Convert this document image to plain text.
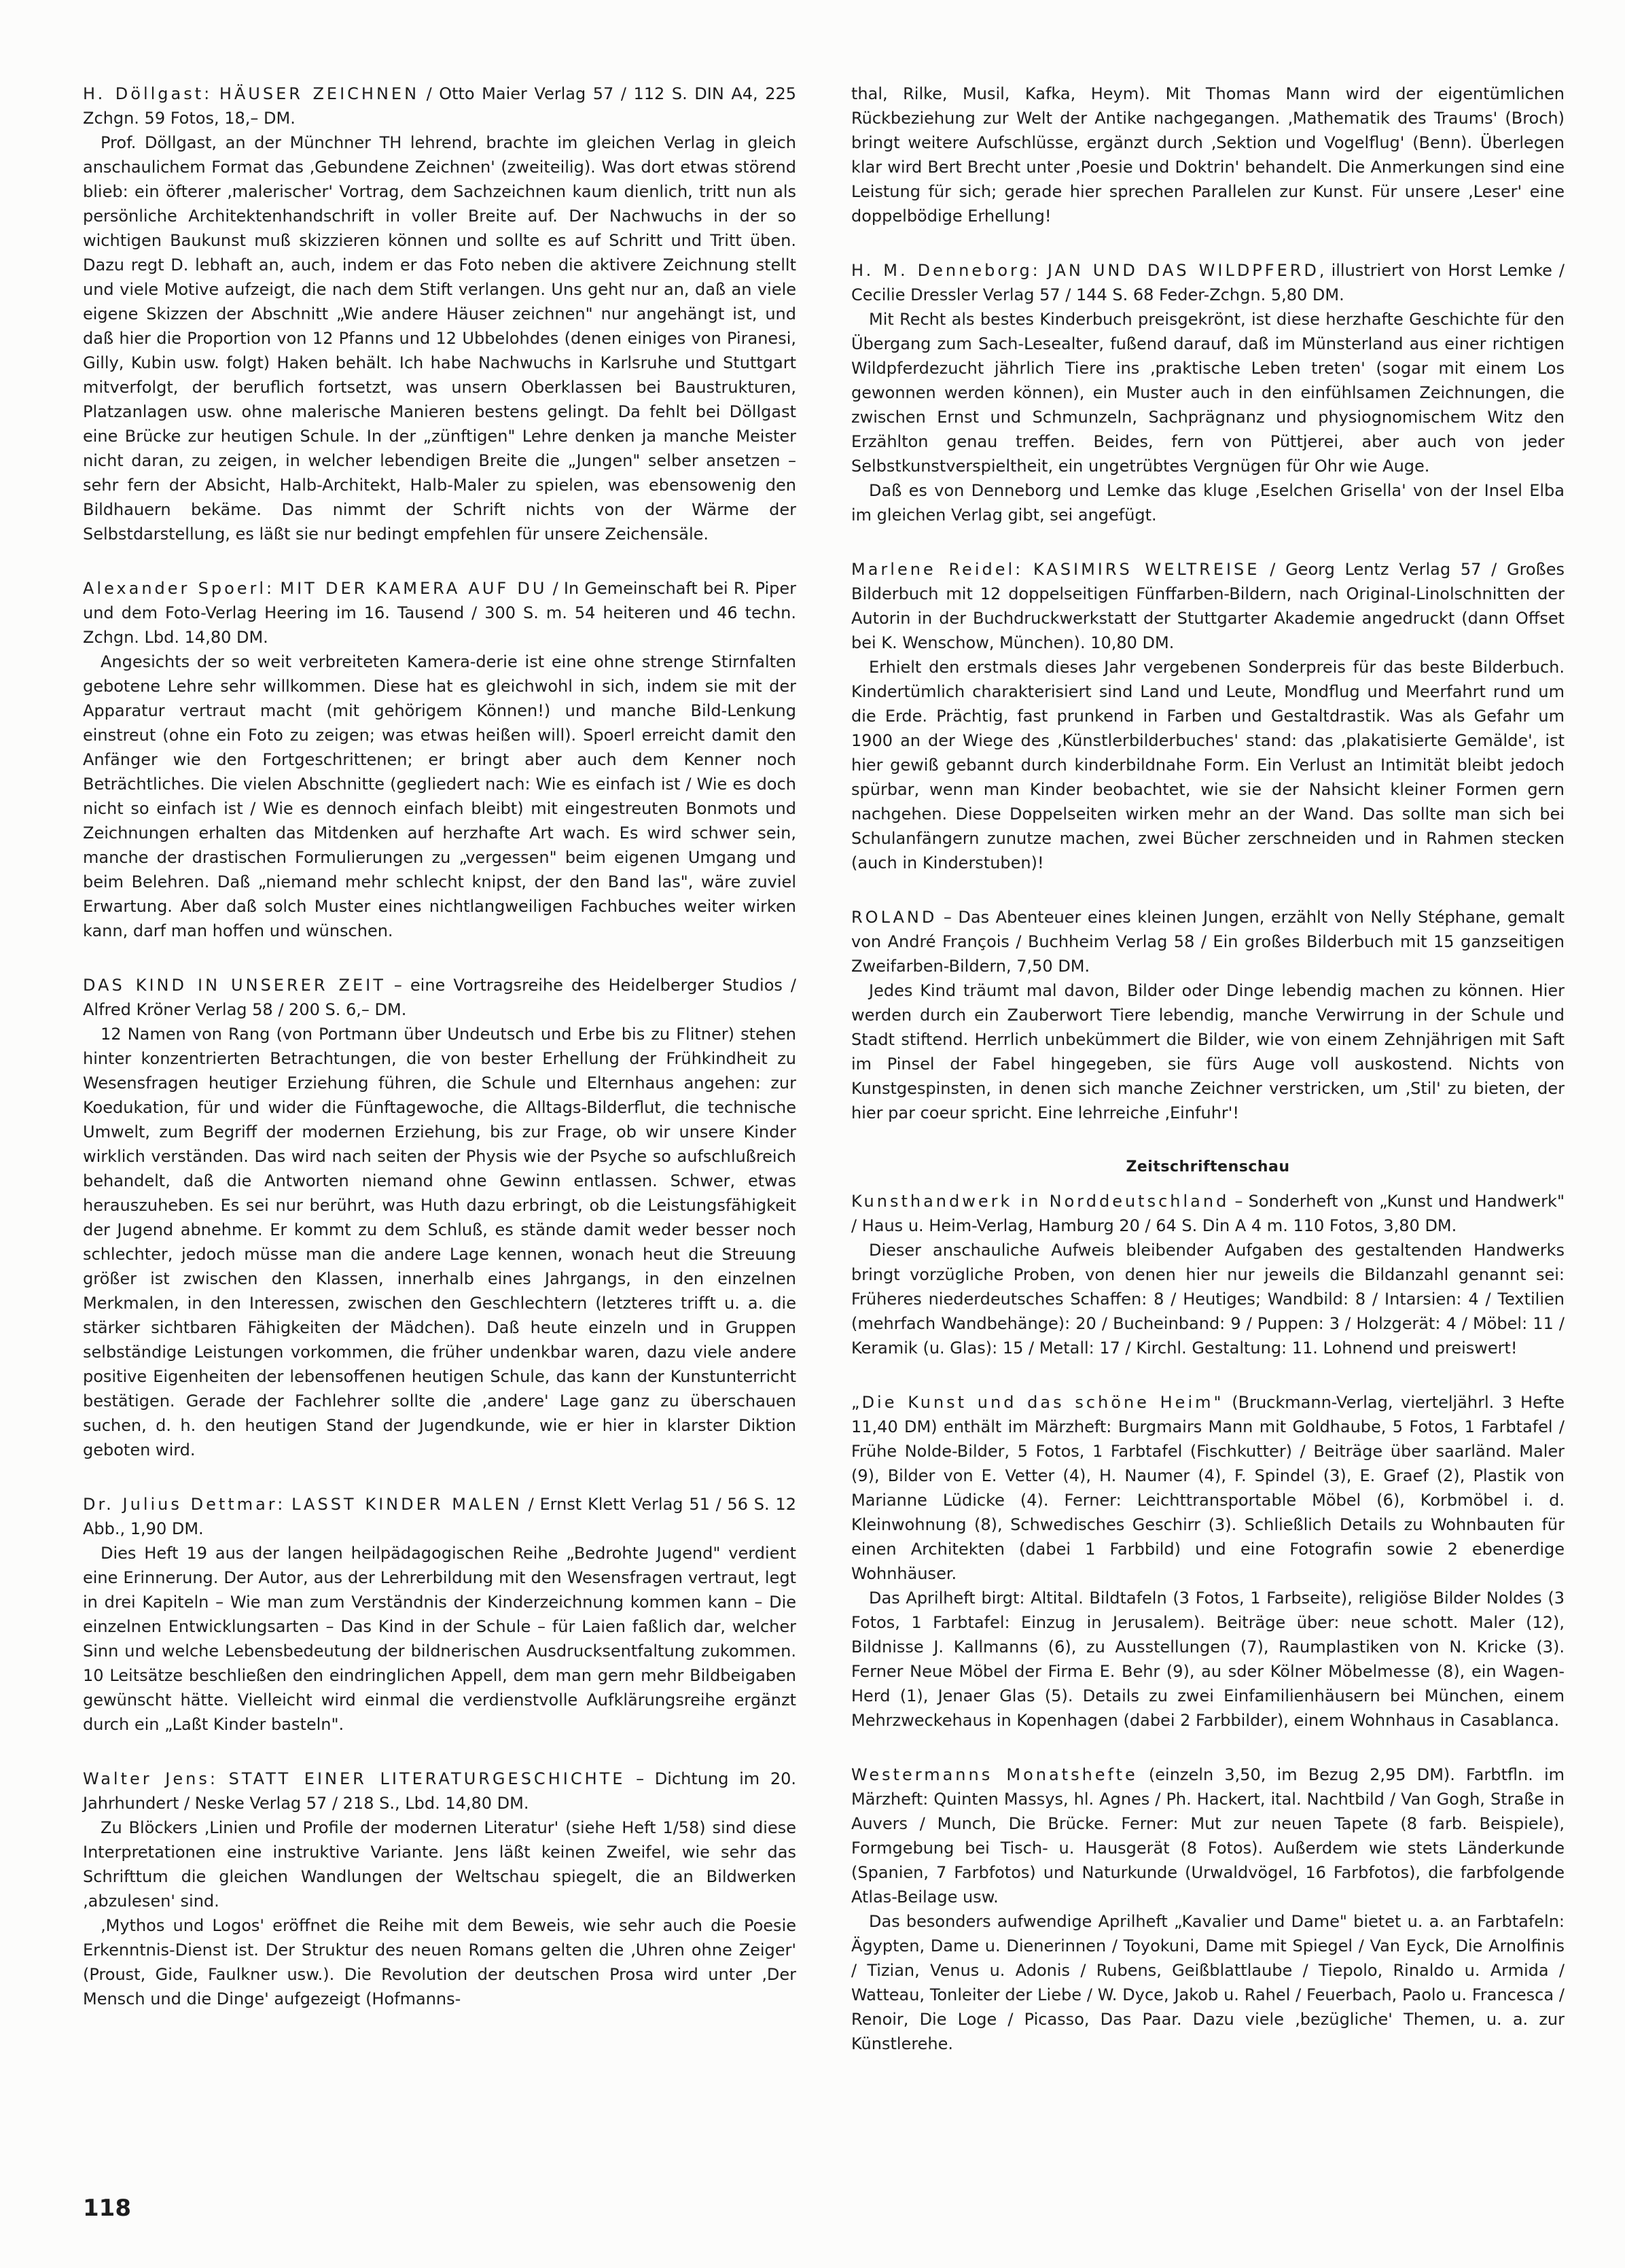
H. Döllgast: HÄUSER ZEICHNEN / Otto Maier Verlag 57 / 112 S. DIN A4, 225 Zchgn. 59 Fotos, 18,– DM.

Prof. Döllgast, an der Münchner TH lehrend, brachte im gleichen Verlag in gleich anschaulichem Format das ‚Gebundene Zeichnen' (zweiteilig). Was dort etwas störend blieb: ein öfterer ‚malerischer' Vortrag, dem Sachzeichnen kaum dienlich, tritt nun als persönliche Architektenhandschrift in voller Breite auf. Der Nachwuchs in der so wichtigen Baukunst muß skizzieren können und sollte es auf Schritt und Tritt üben. Dazu regt D. lebhaft an, auch, indem er das Foto neben die aktivere Zeichnung stellt und viele Motive aufzeigt, die nach dem Stift verlangen. Uns geht nur an, daß an viele eigene Skizzen der Abschnitt „Wie andere Häuser zeichnen" nur angehängt ist, und daß hier die Proportion von 12 Pfanns und 12 Ubbelohdes (denen einiges von Piranesi, Gilly, Kubin usw. folgt) Haken behält. Ich habe Nachwuchs in Karlsruhe und Stuttgart mitverfolgt, der beruflich fortsetzt, was unsern Oberklassen bei Baustrukturen, Platzanlagen usw. ohne malerische Manieren bestens gelingt. Da fehlt bei Döllgast eine Brücke zur heutigen Schule. In der „zünftigen" Lehre denken ja manche Meister nicht daran, zu zeigen, in welcher lebendigen Breite die „Jungen" selber ansetzen – sehr fern der Absicht, Halb-Architekt, Halb-Maler zu spielen, was ebensowenig den Bildhauern bekäme. Das nimmt der Schrift nichts von der Wärme der Selbstdarstellung, es läßt sie nur bedingt empfehlen für unsere Zeichensäle.

Alexander Spoerl: MIT DER KAMERA AUF DU / In Gemeinschaft bei R. Piper und dem Foto-Verlag Heering im 16. Tausend / 300 S. m. 54 heiteren und 46 techn. Zchgn. Lbd. 14,80 DM.

Angesichts der so weit verbreiteten Kamera-derie ist eine ohne strenge Stirnfalten gebotene Lehre sehr willkommen. Diese hat es gleichwohl in sich, indem sie mit der Apparatur vertraut macht (mit gehörigem Können!) und manche Bild-Lenkung einstreut (ohne ein Foto zu zeigen; was etwas heißen will). Spoerl erreicht damit den Anfänger wie den Fortgeschrittenen; er bringt aber auch dem Kenner noch Beträchtliches. Die vielen Abschnitte (gegliedert nach: Wie es einfach ist / Wie es doch nicht so einfach ist / Wie es dennoch einfach bleibt) mit eingestreuten Bonmots und Zeichnungen erhalten das Mitdenken auf herzhafte Art wach. Es wird schwer sein, manche der drastischen Formulierungen zu „vergessen" beim eigenen Umgang und beim Belehren. Daß „niemand mehr schlecht knipst, der den Band las", wäre zuviel Erwartung. Aber daß solch Muster eines nichtlangweiligen Fachbuches weiter wirken kann, darf man hoffen und wünschen.

DAS KIND IN UNSERER ZEIT – eine Vortragsreihe des Heidelberger Studios / Alfred Kröner Verlag 58 / 200 S. 6,– DM.

12 Namen von Rang (von Portmann über Undeutsch und Erbe bis zu Flitner) stehen hinter konzentrierten Betrachtungen, die von bester Erhellung der Frühkindheit zu Wesensfragen heutiger Erziehung führen, die Schule und Elternhaus angehen: zur Koedukation, für und wider die Fünftagewoche, die Alltags-Bilderflut, die technische Umwelt, zum Begriff der modernen Erziehung, bis zur Frage, ob wir unsere Kinder wirklich verständen. Das wird nach seiten der Physis wie der Psyche so aufschlußreich behandelt, daß die Antworten niemand ohne Gewinn entlassen. Schwer, etwas herauszuheben. Es sei nur berührt, was Huth dazu erbringt, ob die Leistungsfähigkeit der Jugend abnehme. Er kommt zu dem Schluß, es stände damit weder besser noch schlechter, jedoch müsse man die andere Lage kennen, wonach heut die Streuung größer ist zwischen den Klassen, innerhalb eines Jahrgangs, in den einzelnen Merkmalen, in den Interessen, zwischen den Geschlechtern (letzteres trifft u. a. die stärker sichtbaren Fähigkeiten der Mädchen). Daß heute einzeln und in Gruppen selbständige Leistungen vorkommen, die früher undenkbar waren, dazu viele andere positive Eigenheiten der lebensoffenen heutigen Schule, das kann der Kunstunterricht bestätigen. Gerade der Fachlehrer sollte die ‚andere' Lage ganz zu überschauen suchen, d. h. den heutigen Stand der Jugendkunde, wie er hier in klarster Diktion geboten wird.

Dr. Julius Dettmar: LASST KINDER MALEN / Ernst Klett Verlag 51 / 56 S. 12 Abb., 1,90 DM.

Dies Heft 19 aus der langen heilpädagogischen Reihe „Bedrohte Jugend" verdient eine Erinnerung. Der Autor, aus der Lehrerbildung mit den Wesensfragen vertraut, legt in drei Kapiteln – Wie man zum Verständnis der Kinderzeichnung kommen kann – Die einzelnen Entwicklungsarten – Das Kind in der Schule – für Laien faßlich dar, welcher Sinn und welche Lebensbedeutung der bildnerischen Ausdrucksentfaltung zukommen. 10 Leitsätze beschließen den eindringlichen Appell, dem man gern mehr Bildbeigaben gewünscht hätte. Vielleicht wird einmal die verdienstvolle Aufklärungsreihe ergänzt durch ein „Laßt Kinder basteln".

Walter Jens: STATT EINER LITERATURGESCHICHTE – Dichtung im 20. Jahrhundert / Neske Verlag 57 / 218 S., Lbd. 14,80 DM.

Zu Blöckers ‚Linien und Profile der modernen Literatur' (siehe Heft 1/58) sind diese Interpretationen eine instruktive Variante. Jens läßt keinen Zweifel, wie sehr das Schrifttum die gleichen Wandlungen der Weltschau spiegelt, die an Bildwerken ‚abzulesen' sind.

‚Mythos und Logos' eröffnet die Reihe mit dem Beweis, wie sehr auch die Poesie Erkenntnis-Dienst ist. Der Struktur des neuen Romans gelten die ‚Uhren ohne Zeiger' (Proust, Gide, Faulkner usw.). Die Revolution der deutschen Prosa wird unter ‚Der Mensch und die Dinge' aufgezeigt (Hofmanns-

thal, Rilke, Musil, Kafka, Heym). Mit Thomas Mann wird der eigentümlichen Rückbeziehung zur Welt der Antike nachgegangen. ‚Mathematik des Traums' (Broch) bringt weitere Aufschlüsse, ergänzt durch ‚Sektion und Vogelflug' (Benn). Überlegen klar wird Bert Brecht unter ‚Poesie und Doktrin' behandelt. Die Anmerkungen sind eine Leistung für sich; gerade hier sprechen Parallelen zur Kunst. Für unsere ‚Leser' eine doppelbödige Erhellung!

H. M. Denneborg: JAN UND DAS WILDPFERD, illustriert von Horst Lemke / Cecilie Dressler Verlag 57 / 144 S. 68 Feder-Zchgn. 5,80 DM.

Mit Recht als bestes Kinderbuch preisgekrönt, ist diese herzhafte Geschichte für den Übergang zum Sach-Lesealter, fußend darauf, daß im Münsterland aus einer richtigen Wildpferdezucht jährlich Tiere ins ‚praktische Leben treten' (sogar mit einem Los gewonnen werden können), ein Muster auch in den einfühlsamen Zeichnungen, die zwischen Ernst und Schmunzeln, Sachprägnanz und physiognomischem Witz den Erzählton genau treffen. Beides, fern von Püttjerei, aber auch von jeder Selbstkunstverspieltheit, ein ungetrübtes Vergnügen für Ohr wie Auge.

Daß es von Denneborg und Lemke das kluge ‚Eselchen Grisella' von der Insel Elba im gleichen Verlag gibt, sei angefügt.

Marlene Reidel: KASIMIRS WELTREISE / Georg Lentz Verlag 57 / Großes Bilderbuch mit 12 doppelseitigen Fünffarben-Bildern, nach Original-Linolschnitten der Autorin in der Buchdruckwerkstatt der Stuttgarter Akademie angedruckt (dann Offset bei K. Wenschow, München). 10,80 DM.

Erhielt den erstmals dieses Jahr vergebenen Sonderpreis für das beste Bilderbuch. Kindertümlich charakterisiert sind Land und Leute, Mondflug und Meerfahrt rund um die Erde. Prächtig, fast prunkend in Farben und Gestaltdrastik. Was als Gefahr um 1900 an der Wiege des ‚Künstlerbilderbuches' stand: das ‚plakatisierte Gemälde', ist hier gewiß gebannt durch kinderbildnahe Form. Ein Verlust an Intimität bleibt jedoch spürbar, wenn man Kinder beobachtet, wie sie der Nahsicht kleiner Formen gern nachgehen. Diese Doppelseiten wirken mehr an der Wand. Das sollte man sich bei Schulanfängern zunutze machen, zwei Bücher zerschneiden und in Rahmen stecken (auch in Kinderstuben)!

ROLAND – Das Abenteuer eines kleinen Jungen, erzählt von Nelly Stéphane, gemalt von André François / Buchheim Verlag 58 / Ein großes Bilderbuch mit 15 ganzseitigen Zweifarben-Bildern, 7,50 DM.

Jedes Kind träumt mal davon, Bilder oder Dinge lebendig machen zu können. Hier werden durch ein Zauberwort Tiere lebendig, manche Verwirrung in der Schule und Stadt stiftend. Herrlich unbekümmert die Bilder, wie von einem Zehnjährigen mit Saft im Pinsel der Fabel hingegeben, sie fürs Auge voll auskostend. Nichts von Kunstgespinsten, in denen sich manche Zeichner verstricken, um ‚Stil' zu bieten, der hier par coeur spricht. Eine lehrreiche ‚Einfuhr'!

Zeitschriftenschau

Kunsthandwerk in Norddeutschland – Sonderheft von „Kunst und Handwerk" / Haus u. Heim-Verlag, Hamburg 20 / 64 S. Din A 4 m. 110 Fotos, 3,80 DM.

Dieser anschauliche Aufweis bleibender Aufgaben des gestaltenden Handwerks bringt vorzügliche Proben, von denen hier nur jeweils die Bildanzahl genannt sei: Früheres niederdeutsches Schaffen: 8 / Heutiges; Wandbild: 8 / Intarsien: 4 / Textilien (mehrfach Wandbehänge): 20 / Bucheinband: 9 / Puppen: 3 / Holzgerät: 4 / Möbel: 11 / Keramik (u. Glas): 15 / Metall: 17 / Kirchl. Gestaltung: 11. Lohnend und preiswert!

„Die Kunst und das schöne Heim" (Bruckmann-Verlag, vierteljährl. 3 Hefte 11,40 DM) enthält im Märzheft: Burgmairs Mann mit Goldhaube, 5 Fotos, 1 Farbtafel / Frühe Nolde-Bilder, 5 Fotos, 1 Farbtafel (Fischkutter) / Beiträge über saarländ. Maler (9), Bilder von E. Vetter (4), H. Naumer (4), F. Spindel (3), E. Graef (2), Plastik von Marianne Lüdicke (4). Ferner: Leichttransportable Möbel (6), Korbmöbel i. d. Kleinwohnung (8), Schwedisches Geschirr (3). Schließlich Details zu Wohnbauten für einen Architekten (dabei 1 Farbbild) und eine Fotografin sowie 2 ebenerdige Wohnhäuser.

Das Aprilheft birgt: Altital. Bildtafeln (3 Fotos, 1 Farbseite), religiöse Bilder Noldes (3 Fotos, 1 Farbtafel: Einzug in Jerusalem). Beiträge über: neue schott. Maler (12), Bildnisse J. Kallmanns (6), zu Ausstellungen (7), Raumplastiken von N. Kricke (3). Ferner Neue Möbel der Firma E. Behr (9), au sder Kölner Möbelmesse (8), ein Wagen-Herd (1), Jenaer Glas (5). Details zu zwei Einfamilienhäusern bei München, einem Mehrzweckehaus in Kopenhagen (dabei 2 Farbbilder), einem Wohnhaus in Casablanca.

Westermanns Monatshefte (einzeln 3,50, im Bezug 2,95 DM). Farbtfln. im Märzheft: Quinten Massys, hl. Agnes / Ph. Hackert, ital. Nachtbild / Van Gogh, Straße in Auvers / Munch, Die Brücke. Ferner: Mut zur neuen Tapete (8 farb. Beispiele), Formgebung bei Tisch- u. Hausgerät (8 Fotos). Außerdem wie stets Länderkunde (Spanien, 7 Farbfotos) und Naturkunde (Urwaldvögel, 16 Farbfotos), die farbfolgende Atlas-Beilage usw.

Das besonders aufwendige Aprilheft „Kavalier und Dame" bietet u. a. an Farbtafeln: Ägypten, Dame u. Dienerinnen / Toyokuni, Dame mit Spiegel / Van Eyck, Die Arnolfinis / Tizian, Venus u. Adonis / Rubens, Geißblattlaube / Tiepolo, Rinaldo u. Armida / Watteau, Tonleiter der Liebe / W. Dyce, Jakob u. Rahel / Feuerbach, Paolo u. Francesca / Renoir, Die Loge / Picasso, Das Paar. Dazu viele ‚bezügliche' Themen, u. a. zur Künstlerehe.

118
